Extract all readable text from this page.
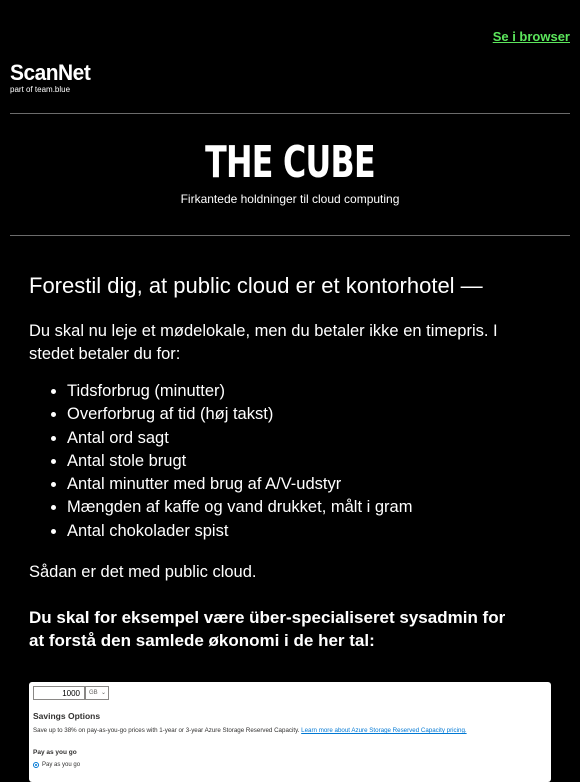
Se i browser
ScanNet
part of team.blue
THE CUBE
Firkantede holdninger til cloud computing
Forestil dig, at public cloud er et kontorhotel —
Du skal nu leje et mødelokale, men du betaler ikke en timepris. I stedet betaler du for:
• Tidsforbrug (minutter)
• Overforbrug af tid (høj takst)
• Antal ord sagt
• Antal stole brugt
• Antal minutter med brug af A/V-udstyr
• Mængden af kaffe og vand drukket, målt i gram
• Antal chokolader spist
Sådan er det med public cloud.
Du skal for eksempel være über-specialiseret sysadmin for at forstå den samlede økonomi i de her tal:
1000	GB ⌄
Savings Options
Save up to 38% on pay-as-you-go prices with 1-year or 3-year Azure Storage Reserved Capacity. Learn more about Azure Storage Reserved Capacity pricing.
Pay as you go
Pay as you go
